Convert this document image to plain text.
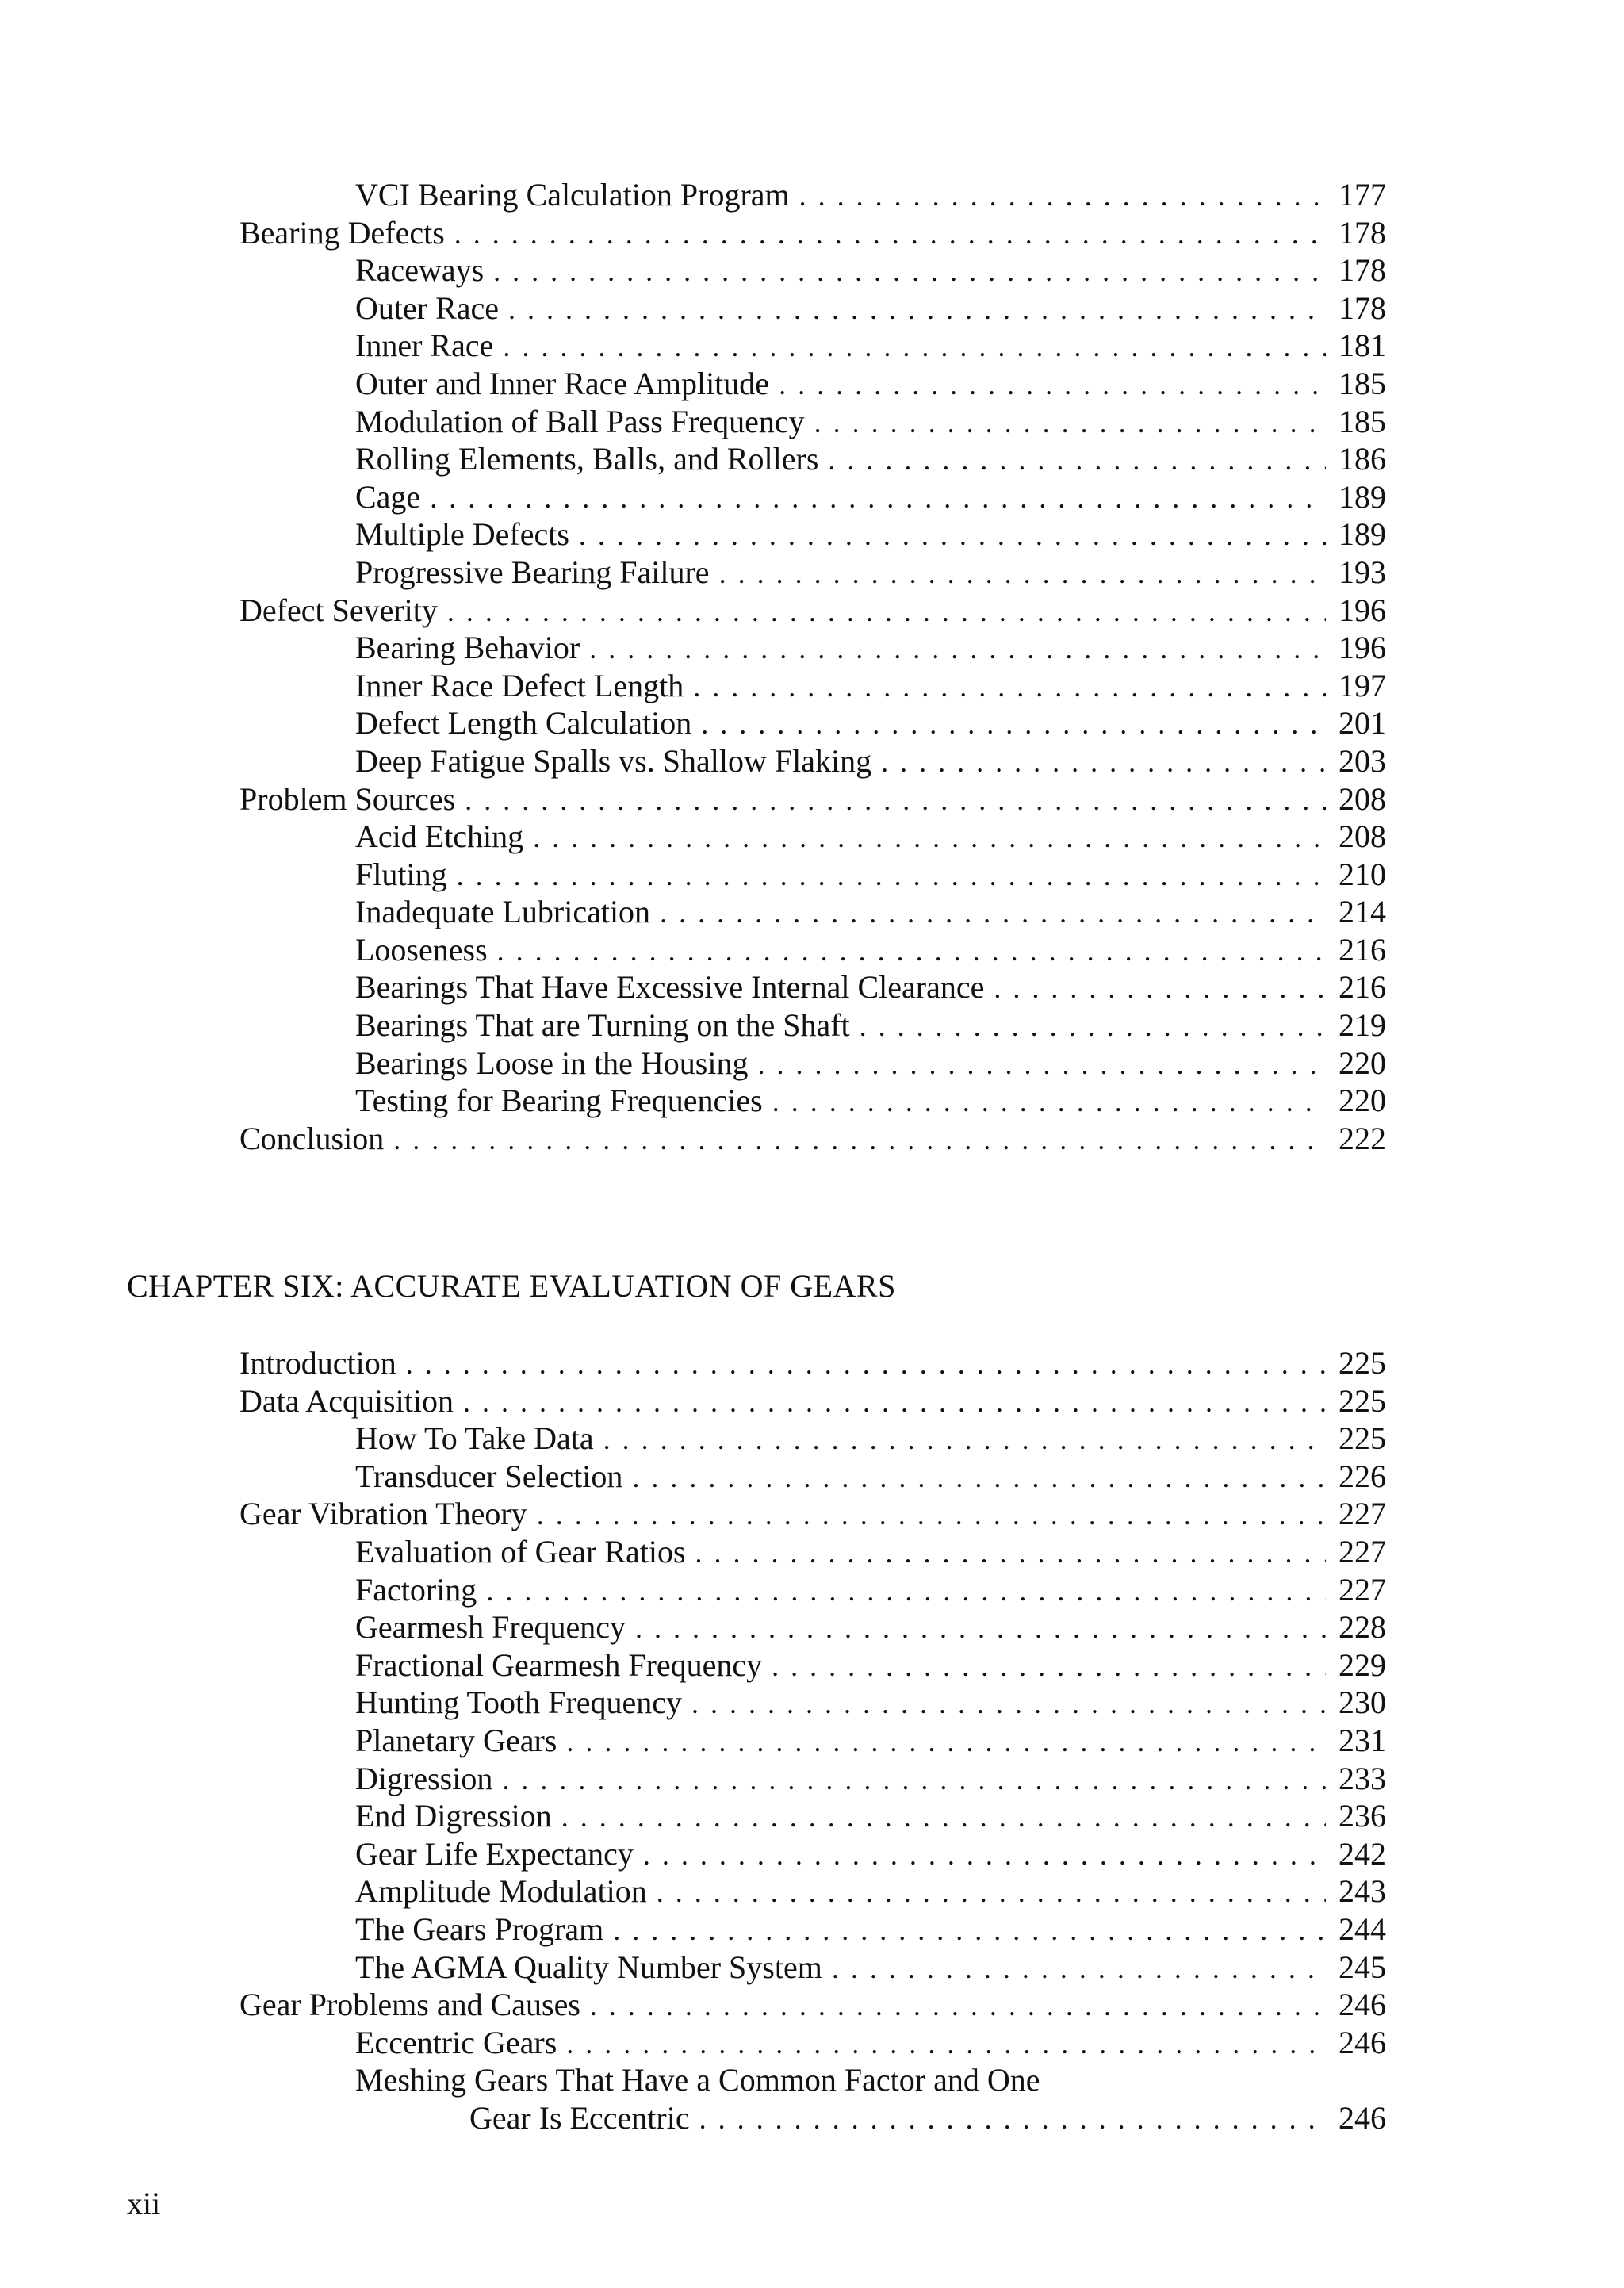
VCI Bearing Calculation Program . . .	177
Bearing Defects . . .	178
Raceways . . .	178
Outer Race . . .	178
Inner Race . . .	181
Outer and Inner Race Amplitude . . .	185
Modulation of Ball Pass Frequency . . .	185
Rolling Elements, Balls, and Rollers . . .	186
Cage . . .	189
Multiple Defects . . .	189
Progressive Bearing Failure . . .	193
Defect Severity . . .	196
Bearing Behavior . . .	196
Inner Race Defect Length . . .	197
Defect Length Calculation . . .	201
Deep Fatigue Spalls vs. Shallow Flaking . . .	203
Problem Sources . . .	208
Acid Etching . . .	208
Fluting . . .	210
Inadequate Lubrication . . .	214
Looseness . . .	216
Bearings That Have Excessive Internal Clearance . . .	216
Bearings That are Turning on the Shaft . . .	219
Bearings Loose in the Housing . . .	220
Testing for Bearing Frequencies . . .	220
Conclusion . . .	222
CHAPTER SIX: ACCURATE EVALUATION OF GEARS
Introduction . . .	225
Data Acquisition . . .	225
How To Take Data . . .	225
Transducer Selection . . .	226
Gear Vibration Theory . . .	227
Evaluation of Gear Ratios . . .	227
Factoring . . .	227
Gearmesh Frequency . . .	228
Fractional Gearmesh Frequency . . .	229
Hunting Tooth Frequency . . .	230
Planetary Gears . . .	231
Digression . . .	233
End Digression . . .	236
Gear Life Expectancy . . .	242
Amplitude Modulation . . .	243
The Gears Program . . .	244
The AGMA Quality Number System . . .	245
Gear Problems and Causes . . .	246
Eccentric Gears . . .	246
Meshing Gears That Have a Common Factor and One
Gear Is Eccentric . . .	246
xii
